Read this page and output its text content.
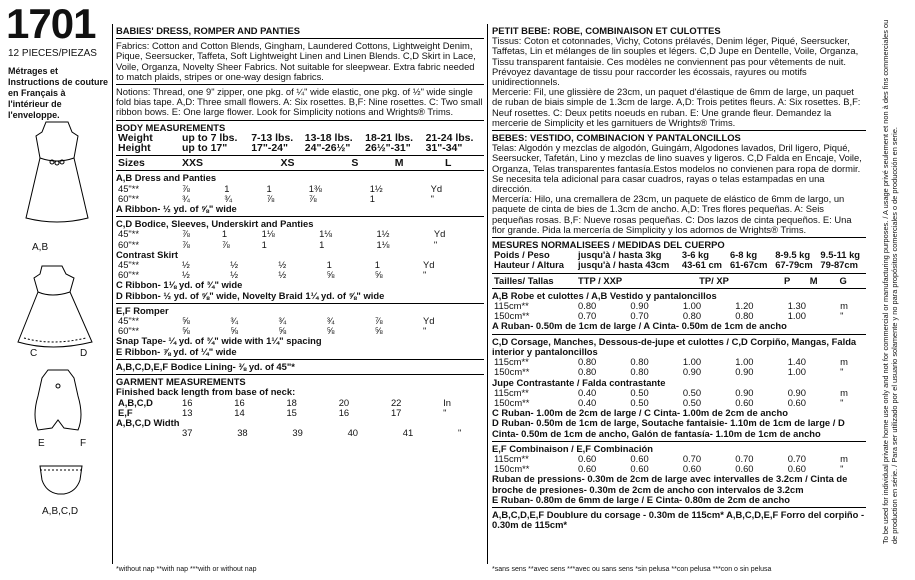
1701
12 PIECES/PIEZAS
Métrages et Instructions de couture en Français à l'intérieur de l'enveloppe.
A,B
C	D
E	F
A,B,C,D
BABIES' DRESS, ROMPER AND PANTIES

Fabrics: Cotton and Cotton Blends, Gingham, Laundered Cottons, Lightweight Denim, Pique, Seersucker, Taffeta, Soft Lightweight Linen and Linen Blends. C,D Skirt in Lace, Voile, Organza, Novelty Sheer Fabrics. Not suitable for sleepwear. Extra fabric needed to match plaids, stripes or one-way design fabrics.

Notions: Thread, one 9" zipper, one pkg. of ¼" wide elastic, one pkg. of ½" wide single fold bias tape. A,D: Three small flowers. A: Six rosettes. B,F: Nine rosettes. C: Two small ribbon bows. E: One large flower. Look for Simplicity notions and Wrights® Trims.

BODY MEASUREMENTS
Weight	up to 7 lbs.	7-13 lbs.	13-18 lbs.	18-21 lbs.	21-24 lbs.
Height	up to 17"	17"-24"	24"-26½"	26½"-31"	31"-34"
Sizes	XXS	XS	S	M	L
A,B Dress and Panties
45"**	⅞	1	1	1⅜	1½	Yd
60"**	¾	¾	⅞	⅞	1	"
A Ribbon- ½ yd. of ⅝" wide
C,D Bodice, Sleeves, Underskirt and Panties
45"**	⅞	1	1⅛	1⅛	1½	Yd
60"**	⅞	⅞	1	1	1⅛	"
Contrast Skirt
45"**	½	½	½	1	1	Yd
60"**	½	½	½	⅝	⅝	"
C Ribbon- 1⅛ yd. of ¾" wide
D Ribbon- ½ yd. of ⅝" wide, Novelty Braid 1¼ yd. of ⅝" wide
E,F Romper
45"**	⅝	¾	¾	¾	⅞	Yd
60"**	⅝	⅝	⅝	⅝	⅝	"
Snap Tape- ¼ yd. of ¾" wide with 1¼" spacing
E Ribbon- ⅞ yd. of ¼" wide
A,B,C,D,E,F Bodice Lining- ⅜ yd. of 45"*
GARMENT MEASUREMENTS
Finished back length from base of neck:
A,B,C,D	16	16	18	20	22	In
E,F	13	14	15	16	17	"
A,B,C,D Width
	37	38	39	40	41	"
*without nap **with nap ***with or without nap
PETIT BEBE: ROBE, COMBINAISON ET CULOTTES

Tissus: Coton et cotonnades, Vichy, Cotons prélavés, Denim léger, Piqué, Seersucker, Taffetas, Lin et mélanges de lin souples et légers. C,D Jupe en Dentelle, Voile, Organza, Tissu transparent fantaisie. Ces modèles ne conviennent pas pour vêtements de nuit. Prévoyez davantage de tissu pour raccorder les écossais, rayures ou motifs unidirectionnels.

Mercerie: Fil, une glissière de 23cm, un paquet d'élastique de 6mm de large, un paquet de ruban de biais simple de 1.3cm de large. A,D: Trois petites fleurs. A: Six rosettes. B,F: Neuf rosettes. C: Deux petits noeuds en ruban. E: Une grande fleur. Demandez la mercerie de Simplicity et les garnituers de Wrights® Trims.

BEBES: VESTIDO, COMBINACION Y PANTALONCILLOS

Telas: Algodón y mezclas de algodón, Guingám, Algodones lavados, Dril ligero, Piqué, Seersucker, Tafetán, Lino y mezclas de lino suaves y ligeros. C,D Falda en Encaje, Voile, Organza, Telas transparentes fantasía.Estos modelos no convienen para ropa de dormir. Se necesita tela adicional para casar cuadros, rayas o telas estampadas en una dirección.

Mercería: Hilo, una cremallera de 23cm, un paquete de elástico de 6mm de largo, un paquete de cinta de bies de 1.3cm de ancho. A,D: Tres flores pequeñas. A: Seis pequeñas rosas. B,F: Nueve rosas pequeñas. C: Dos lazos de cinta pequeños. E: Una flor grande. Pida la mercería de Simplicity y los adornos de Wrights® Trims.

MESURES NORMALISEES / MEDIDAS DEL CUERPO
Poids / Peso	jusqu'à / hasta 3kg	3-6 kg	6-8 kg	8-9.5 kg	9.5-11 kg
Hauteur / Altura	jusqu'à / hasta 43cm	43-61 cm	61-67cm	67-79cm	79-87cm
Tailles/ Tallas	TTP / XXP	TP/ XP	P	M	G
A,B Robe et culottes / A,B Vestido y pantaloncillos
115cm**	0.80	0.90	1.00	1.20	1.30	m
150cm**	0.70	0.70	0.80	0.80	1.00	"
A Ruban- 0.50m de 1cm de large / A Cinta- 0.50m de 1cm de ancho
C,D Corsage, Manches, Dessous-de-jupe et culottes / C,D Corpiño, Mangas, Falda interior y pantaloncillos
115cm**	0.80	0.80	1.00	1.00	1.40	m
150cm**	0.80	0.80	0.90	0.90	1.00	"
Jupe Contrastante / Falda contrastante
115cm**	0.40	0.50	0.50	0.90	0.90	m
150cm**	0.40	0.50	0.50	0.60	0.60	"
C Ruban- 1.00m de 2cm de large / C Cinta- 1.00m de 2cm de ancho
D Ruban- 0.50m de 1cm de large, Soutache fantaisie- 1.10m de 1cm de large / D Cinta- 0.50m de 1cm de ancho, Galón de fantasía- 1.10m de 1cm de ancho
E,F Combinaison / E,F Combinación
115cm**	0.60	0.60	0.70	0.70	0.70	m
150cm**	0.60	0.60	0.60	0.60	0.60	"
Ruban de pressions- 0.30m de 2cm de large avec intervalles de 3.2cm / Cinta de broche de presiones- 0.30m de 2cm de ancho con intervalos de 3.2cm
E Ruban- 0.80m de 6mm de large / E Cinta- 0.80m de 2cm de ancho
A,B,C,D,E,F Doublure du corsage - 0.30m de 115cm* A,B,C,D,E,F Forro del corpiño - 0.30m de 115cm*
*sans sens **avec sens ***avec ou sans sens *sin pelusa **con pelusa ***con o sin pelusa
To be used for individual private home use only and not for commercial or manufacturing purposes. / A usage privé seulement et non à des fins commerciales ou de production en série. / Para ser utilizado por el usuario solamente y no para propósitos comerciales o de producción en serie.
